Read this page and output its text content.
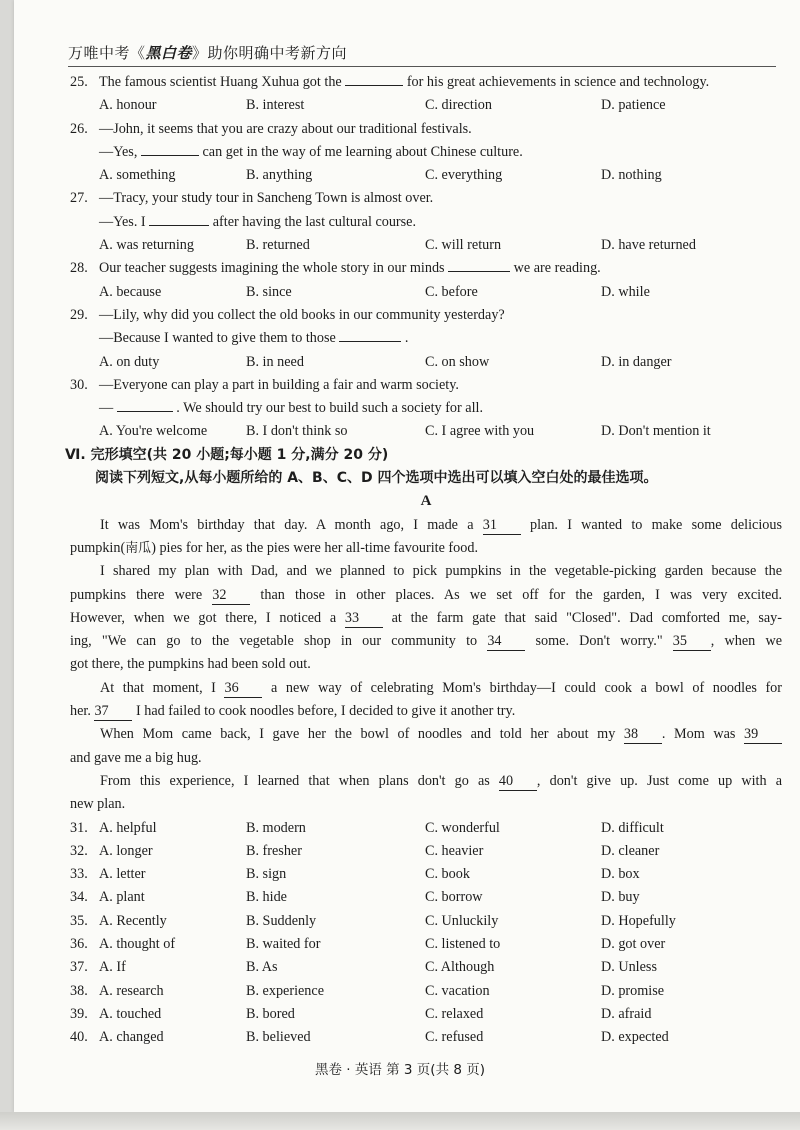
万唯中考《黑白卷》助你明确中考新方向
25. The famous scientist Huang Xuhua got the	for his great achievements in science and technology.
A. honour	B. interest	C. direction	D. patience
26. —John, it seems that you are crazy about our traditional festivals.
—Yes,	can get in the way of me learning about Chinese culture.
A. something	B. anything	C. everything	D. nothing
27. —Tracy, your study tour in Sancheng Town is almost over.
—Yes. I	after having the last cultural course.
A. was returning	B. returned	C. will return	D. have returned
28. Our teacher suggests imagining the whole story in our minds	we are reading.
A. because	B. since	C. before	D. while
29. —Lily, why did you collect the old books in our community yesterday?
—Because I wanted to give them to those	.
A. on duty	B. in need	C. on show	D. in danger
30. —Everyone can play a part in building a fair and warm society.
—	. We should try our best to build such a society for all.
A. You're welcome	B. I don't think so	C. I agree with you	D. Don't mention it
Ⅵ. 完形填空(共 20 小题;每小题 1 分,满分 20 分)
阅读下列短文,从每小题所给的 A、B、C、D 四个选项中选出可以填入空白处的最佳选项。
A
It was Mom's birthday that day. A month ago, I made a 31 plan. I wanted to make some delicious
pumpkin(南瓜) pies for her, as the pies were her all-time favourite food.
I shared my plan with Dad, and we planned to pick pumpkins in the vegetable-picking garden because the
pumpkins there were 32 than those in other places. As we set off for the garden, I was very excited.
However, when we got there, I noticed a 33 at the farm gate that said "Closed". Dad comforted me, say-
ing, "We can go to the vegetable shop in our community to 34 some. Don't worry." 35 , when we
got there, the pumpkins had been sold out.
At that moment, I 36 a new way of celebrating Mom's birthday—I could cook a bowl of noodles for
her. 37 I had failed to cook noodles before, I decided to give it another try.
When Mom came back, I gave her the bowl of noodles and told her about my 38 . Mom was 39
and gave me a big hug.
From this experience, I learned that when plans don't go as 40 , don't give up. Just come up with a
new plan.
31. A. helpful	B. modern	C. wonderful	D. difficult
32. A. longer	B. fresher	C. heavier	D. cleaner
33. A. letter	B. sign	C. book	D. box
34. A. plant	B. hide	C. borrow	D. buy
35. A. Recently	B. Suddenly	C. Unluckily	D. Hopefully
36. A. thought of	B. waited for	C. listened to	D. got over
37. A. If	B. As	C. Although	D. Unless
38. A. research	B. experience	C. vacation	D. promise
39. A. touched	B. bored	C. relaxed	D. afraid
40. A. changed	B. believed	C. refused	D. expected
黑卷 · 英语 第 3 页(共 8 页)
